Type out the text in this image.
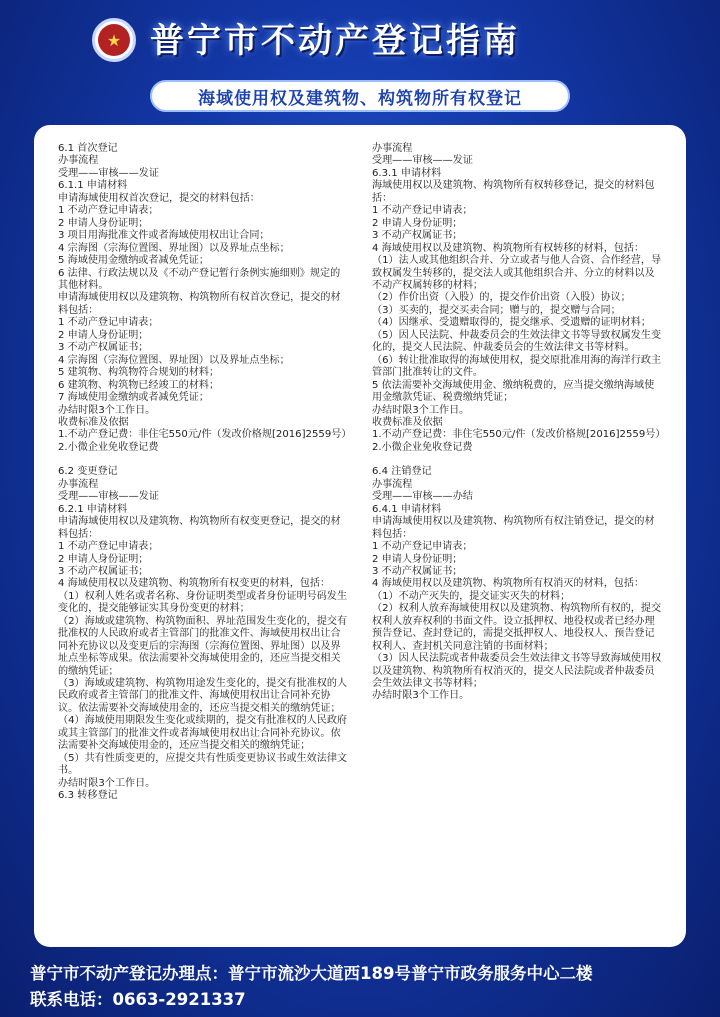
★ 普宁市不动产登记指南
海域使用权及建筑物、构筑物所有权登记

6.1 首次登记

办事流程

受理——审核——发证

6.1.1 申请材料

申请海域使用权首次登记，提交的材料包括：

1 不动产登记申请表；

2 申请人身份证明；

3 项目用海批准文件或者海域使用权出让合同；

4 宗海图（宗海位置图、界址图）以及界址点坐标；

5 海域使用金缴纳或者减免凭证；

6 法律、行政法规以及《不动产登记暂行条例实施细则》规定的其他材料。

申请海域使用权以及建筑物、构筑物所有权首次登记，提交的材料包括：

1 不动产登记申请表；

2 申请人身份证明；

3 不动产权属证书；

4 宗海图（宗海位置图、界址图）以及界址点坐标；

5 建筑物、构筑物符合规划的材料；

6 建筑物、构筑物已经竣工的材料；

7 海域使用金缴纳或者减免凭证；

办结时限3个工作日。

收费标准及依据

1.不动产登记费：非住宅550元/件（发改价格规[2016]2559号）

2.小微企业免收登记费

6.2 变更登记

办事流程

受理——审核——发证

6.2.1 申请材料

申请海域使用权以及建筑物、构筑物所有权变更登记，提交的材料包括：

1 不动产登记申请表；

2 申请人身份证明；

3 不动产权属证书；

4 海域使用权以及建筑物、构筑物所有权变更的材料，包括：

（1）权利人姓名或者名称、身份证明类型或者身份证明号码发生变化的，提交能够证实其身份变更的材料；

（2）海域或建筑物、构筑物面积、界址范围发生变化的，提交有批准权的人民政府或者主管部门的批准文件、海域使用权出让合同补充协议以及变更后的宗海图（宗海位置图、界址图）以及界址点坐标等成果。依法需要补交海域使用金的，还应当提交相关的缴纳凭证；

（3）海域或建筑物、构筑物用途发生变化的，提交有批准权的人民政府或者主管部门的批准文件、海域使用权出让合同补充协议。依法需要补交海域使用金的，还应当提交相关的缴纳凭证；

（4）海域使用期限发生变化或续期的，提交有批准权的人民政府或其主管部门的批准文件或者海域使用权出让合同补充协议。依法需要补交海域使用金的，还应当提交相关的缴纳凭证；

（5）共有性质变更的，应提交共有性质变更协议书或生效法律文书。

办结时限3个工作日。

6.3 转移登记

办事流程

受理——审核——发证

6.3.1 申请材料

海域使用权以及建筑物、构筑物所有权转移登记，提交的材料包括：

1 不动产登记申请表；

2 申请人身份证明；

3 不动产权属证书；

4 海域使用权以及建筑物、构筑物所有权转移的材料，包括：

（1）法人或其他组织合并、分立或者与他人合资、合作经营，导致权属发生转移的，提交法人或其他组织合并、分立的材料以及不动产权属转移的材料；

（2）作价出资（入股）的，提交作价出资（入股）协议；

（3）买卖的，提交买卖合同；赠与的，提交赠与合同；

（4）因继承、受遗赠取得的，提交继承、受遗赠的证明材料；

（5）因人民法院、仲裁委员会的生效法律文书等导致权属发生变化的，提交人民法院、仲裁委员会的生效法律文书等材料。

（6）转让批准取得的海域使用权，提交原批准用海的海洋行政主管部门批准转让的文件。

5 依法需要补交海域使用金、缴纳税费的，应当提交缴纳海域使用金缴款凭证、税费缴纳凭证；

办结时限3个工作日。

收费标准及依据

1.不动产登记费：非住宅550元/件（发改价格规[2016]2559号）

2.小微企业免收登记费

6.4 注销登记

办事流程

受理——审核——办结

6.4.1 申请材料

申请海域使用权以及建筑物、构筑物所有权注销登记，提交的材料包括：

1 不动产登记申请表；

2 申请人身份证明；

3 不动产权属证书；

4 海域使用权以及建筑物、构筑物所有权消灭的材料，包括：

（1）不动产灭失的，提交证实灭失的材料；

（2）权利人放弃海域使用权以及建筑物、构筑物所有权的，提交权利人放弃权利的书面文件。设立抵押权、地役权或者已经办理预告登记、查封登记的，需提交抵押权人、地役权人、预告登记权利人、查封机关同意注销的书面材料；

（3）因人民法院或者仲裁委员会生效法律文书等导致海域使用权以及建筑物、构筑物所有权消灭的，提交人民法院或者仲裁委员会生效法律文书等材料；

办结时限3个工作日。

普宁市不动产登记办理点：普宁市流沙大道西189号普宁市政务服务中心二楼
联系电话：0663-2921337
